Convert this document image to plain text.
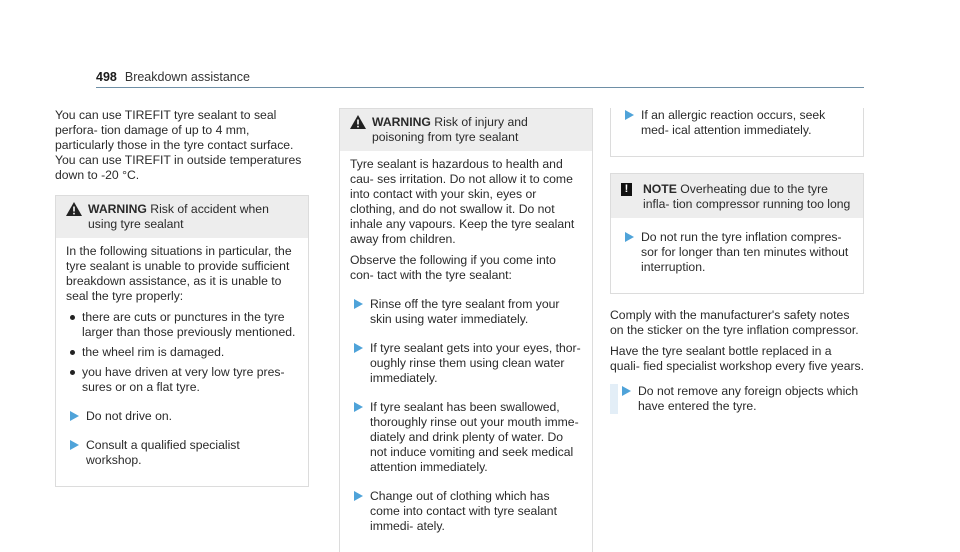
498 Breakdown assistance

You can use TIREFIT tyre sealant to seal perfora- tion damage of up to 4 mm, particularly those in the tyre contact surface. You can use TIREFIT in outside temperatures down to -20 °C.

WARNING Risk of accident when using tyre sealant

In the following situations in particular, the tyre sealant is unable to provide sufficient breakdown assistance, as it is unable to seal the tyre properly:

there are cuts or punctures in the tyre larger than those previously mentioned.
the wheel rim is damaged.
you have driven at very low tyre pres- sures or on a flat tyre.
Do not drive on.
Consult a qualified specialist workshop.
WARNING Risk of injury and poisoning from tyre sealant

Tyre sealant is hazardous to health and cau- ses irritation. Do not allow it to come into contact with your skin, eyes or clothing, and do not swallow it. Do not inhale any vapours. Keep the tyre sealant away from children.

Observe the following if you come into con- tact with the tyre sealant:

Rinse off the tyre sealant from your skin using water immediately.
If tyre sealant gets into your eyes, thor- oughly rinse them using clean water immediately.
If tyre sealant has been swallowed, thoroughly rinse out your mouth imme- diately and drink plenty of water. Do not induce vomiting and seek medical attention immediately.
Change out of clothing which has come into contact with tyre sealant immedi- ately.
If an allergic reaction occurs, seek med- ical attention immediately.
!	NOTE Overheating due to the tyre infla- tion compressor running too long
Do not run the tyre inflation compres- sor for longer than ten minutes without interruption.

Comply with the manufacturer's safety notes on the sticker on the tyre inflation compressor.

Have the tyre sealant bottle replaced in a quali- fied specialist workshop every five years.

Do not remove any foreign objects which have entered the tyre.
